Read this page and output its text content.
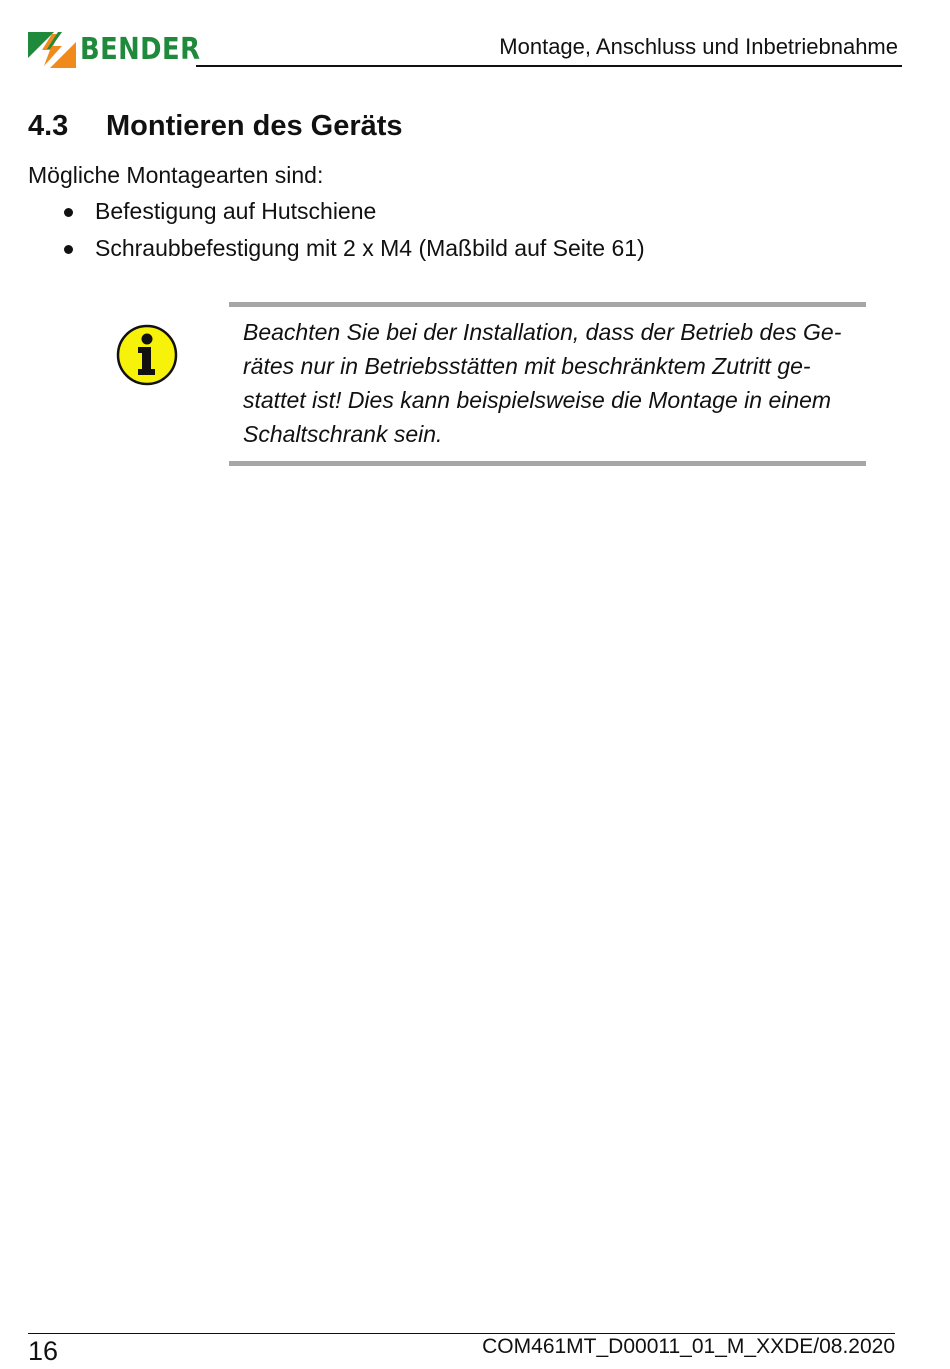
BENDER	Montage, Anschluss und Inbetriebnahme
4.3 Montieren des Geräts
Mögliche Montagearten sind:
Befestigung auf Hutschiene
Schraubbefestigung mit 2 x M4 (Maßbild auf Seite 61)

Beachten Sie bei der Installation, dass der Betrieb des Ge-
rätes nur in Betriebsstätten mit beschränktem Zutritt ge-
stattet ist! Dies kann beispielsweise die Montage in einem
Schaltschrank sein.

16	COM461MT_D00011_01_M_XXDE/08.2020
